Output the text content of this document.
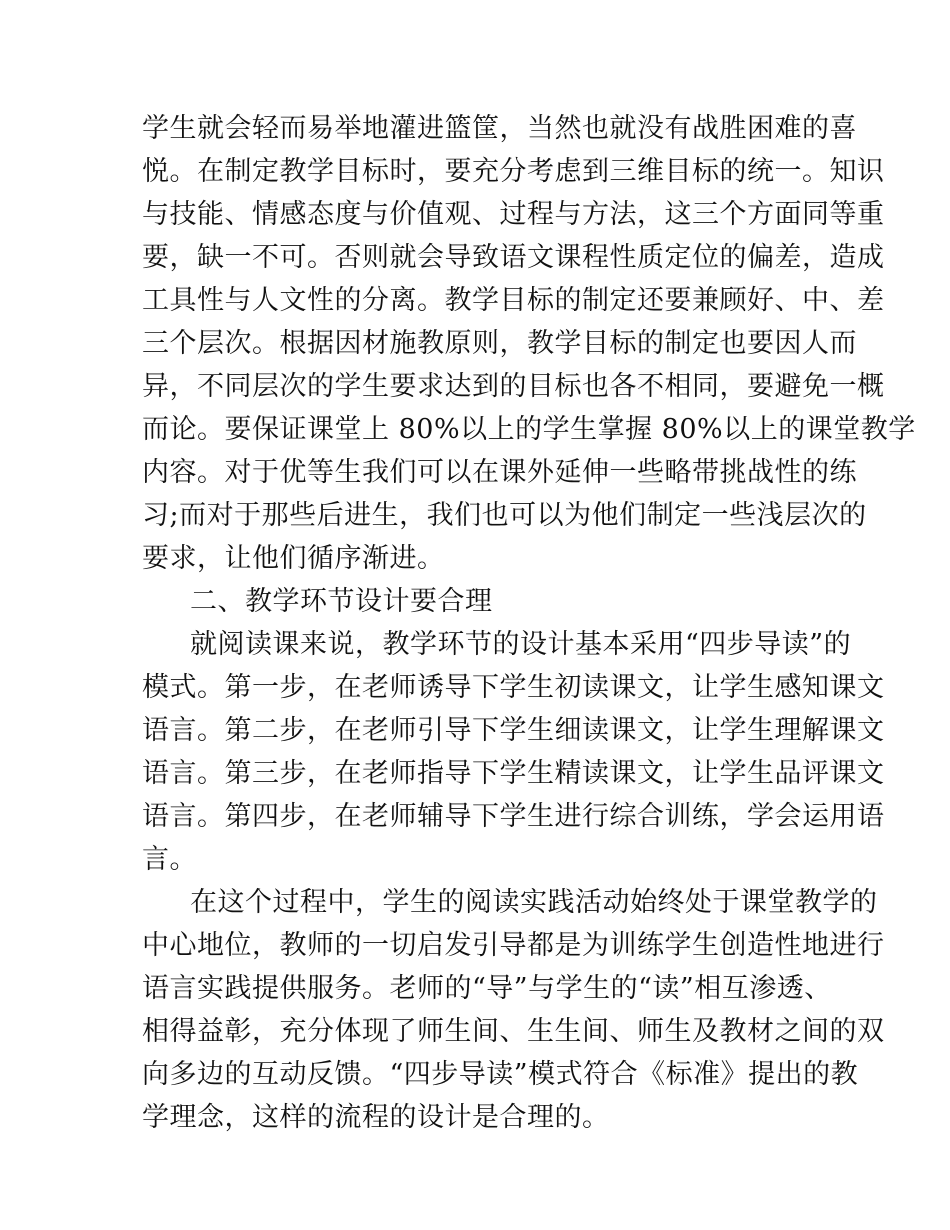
学生就会轻而易举地灌进篮筐，当然也就没有战胜困难的喜
悦。在制定教学目标时，要充分考虑到三维目标的统一。知识
与技能、情感态度与价值观、过程与方法，这三个方面同等重
要，缺一不可。否则就会导致语文课程性质定位的偏差，造成
工具性与人文性的分离。教学目标的制定还要兼顾好、中、差
三个层次。根据因材施教原则，教学目标的制定也要因人而
异，不同层次的学生要求达到的目标也各不相同，要避免一概
而论。要保证课堂上 80%以上的学生掌握 80%以上的课堂教学
内容。对于优等生我们可以在课外延伸一些略带挑战性的练
习;而对于那些后进生，我们也可以为他们制定一些浅层次的
要求，让他们循序渐进。
二、教学环节设计要合理
就阅读课来说，教学环节的设计基本采用“四步导读”的
模式。第一步，在老师诱导下学生初读课文，让学生感知课文
语言。第二步，在老师引导下学生细读课文，让学生理解课文
语言。第三步，在老师指导下学生精读课文，让学生品评课文
语言。第四步，在老师辅导下学生进行综合训练，学会运用语
言。
在这个过程中，学生的阅读实践活动始终处于课堂教学的
中心地位，教师的一切启发引导都是为训练学生创造性地进行
语言实践提供服务。老师的“导”与学生的“读”相互渗透、
相得益彰，充分体现了师生间、生生间、师生及教材之间的双
向多边的互动反馈。“四步导读”模式符合《标准》提出的教
学理念，这样的流程的设计是合理的。
